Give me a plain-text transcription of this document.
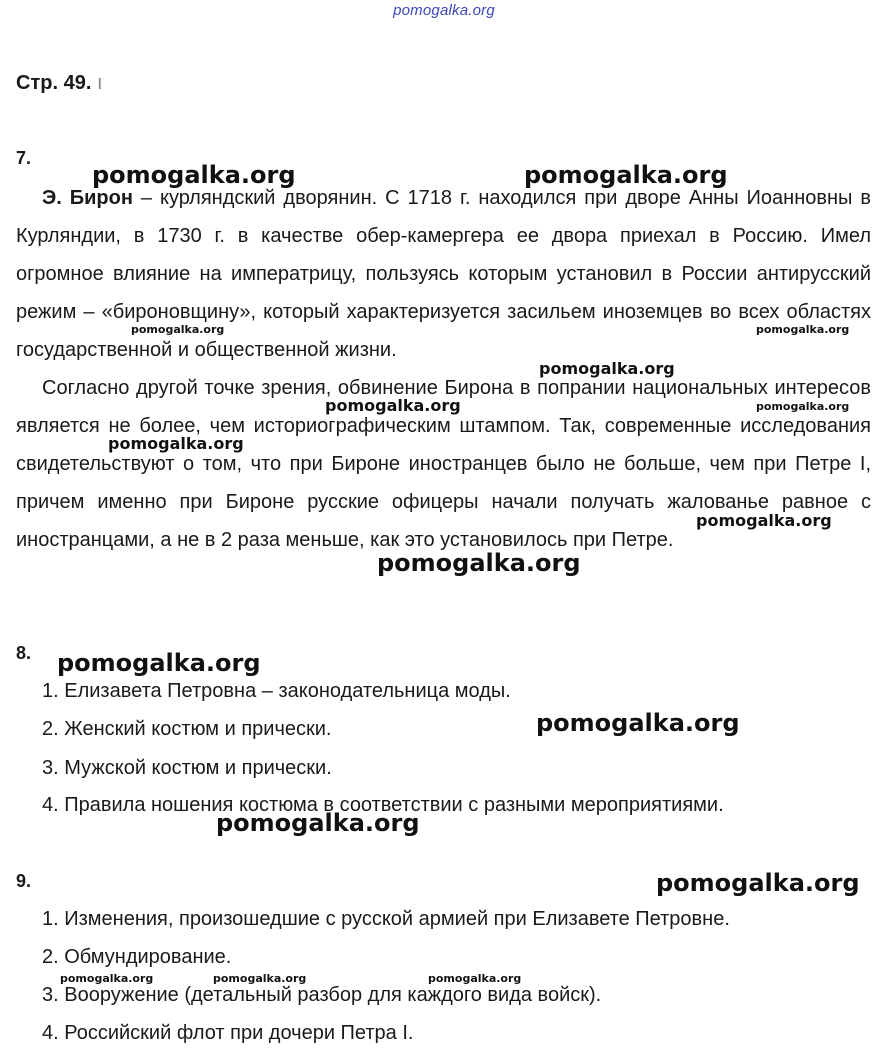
pomogalka.org
Стр. 49. ı
7.
Э. Бирон – курляндский дворянин. С 1718 г. находился при дворе Анны Иоанновны в Курляндии, в 1730 г. в качестве обер-камергера ее двора приехал в Россию. Имел огромное влияние на императрицу, пользуясь которым установил в России антирусский режим – «бироновщину», который характеризуется засильем иноземцев во всех областях государственной и общественной жизни.
Согласно другой точке зрения, обвинение Бирона в попрании национальных интересов является не более, чем историографическим штампом. Так, современные исследования свидетельствуют о том, что при Бироне иностранцев было не больше, чем при Петре I, причем именно при Бироне русские офицеры начали получать жалованье равное с иностранцами, а не в 2 раза меньше, как это установилось при Петре.
8.
1. Елизавета Петровна – законодательница моды.
2. Женский костюм и прически.
3. Мужской костюм и прически.
4. Правила ношения костюма в соответствии с разными мероприятиями.
9.
1. Изменения, произошедшие с русской армией при Елизавете Петровне.
2. Обмундирование.
3. Вооружение (детальный разбор для каждого вида войск).
4. Российский флот при дочери Петра I.
pomogalka.org	pomogalka.org
pomogalka.org	pomogalka.org
pomogalka.org
pomogalka.org	pomogalka.org
pomogalka.org
pomogalka.org
pomogalka.org
pomogalka.org
pomogalka.org
pomogalka.org
pomogalka.org
pomogalka.org	pomogalka.org	pomogalka.org
